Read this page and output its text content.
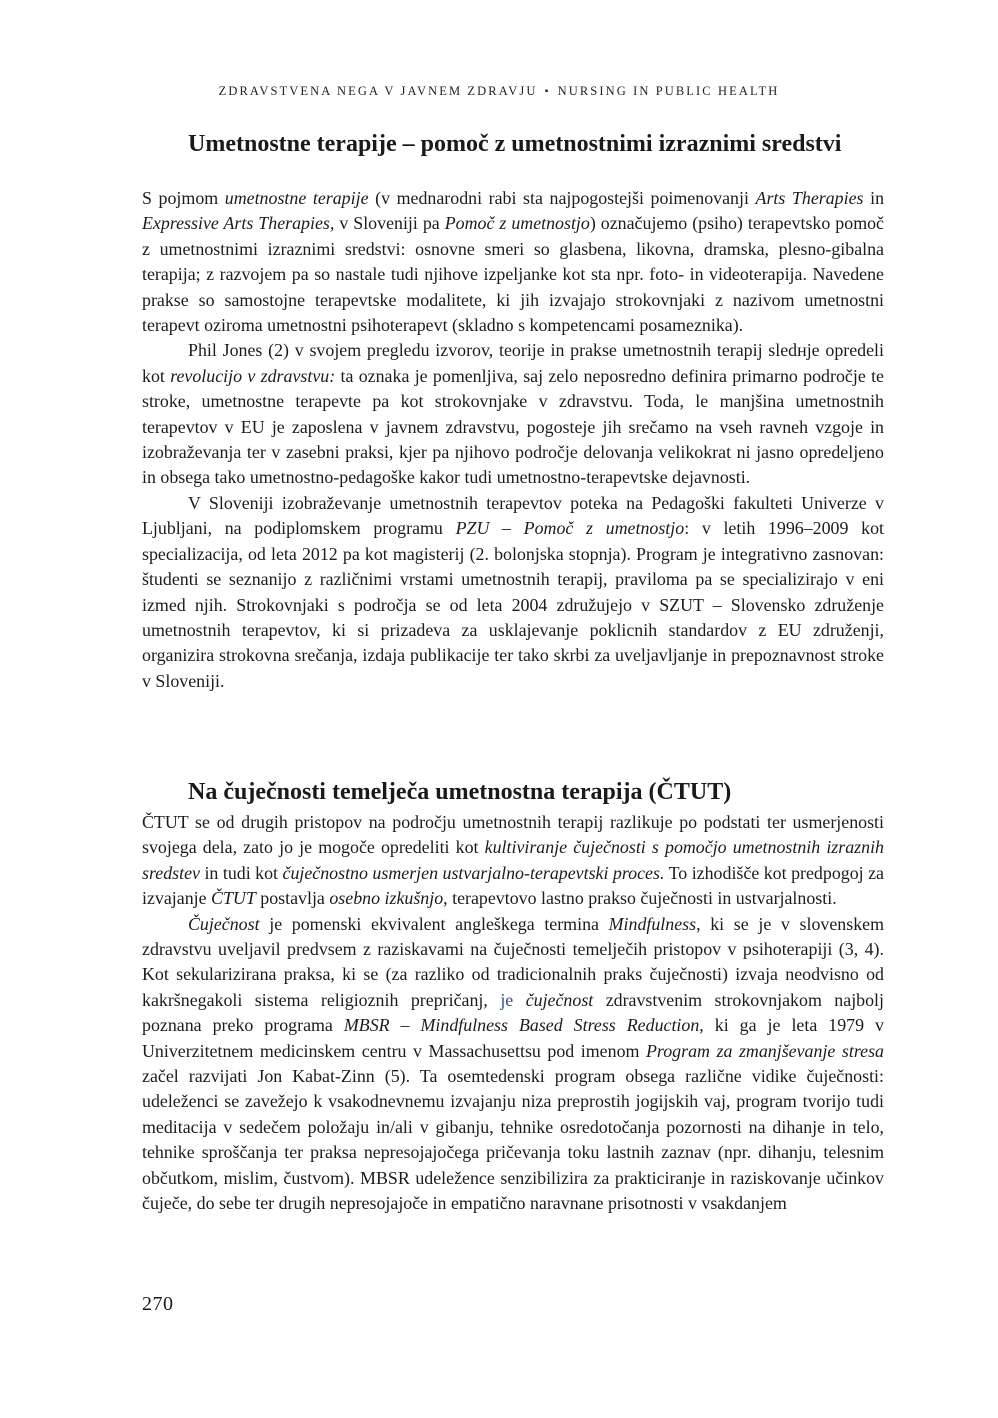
ZDRAVSTVENA NEGA V JAVNEM ZDRAVJU ▪ NURSING IN PUBLIC HEALTH
Umetnostne terapije – pomoč z umetnostnimi izraznimi sredstvi

S pojmom umetnostne terapije (v mednarodni rabi sta najpogostejši poimenovanji Arts Therapies in Expressive Arts Therapies, v Sloveniji pa Pomoč z umetnostjo) označujemo (psiho) terapevtsko pomoč z umetnostnimi izraznimi sredstvi: osnovne smeri so glasbena, likovna, dramska, plesno-gibalna terapija; z razvojem pa so nastale tudi njihove izpeljanke kot sta npr. foto- in videoterapija. Navedene prakse so samostojne terapevtske modalitete, ki jih izvajajo strokovnjaki z nazivom umetnostni terapevt oziroma umetnostni psihoterapevt (skladno s kompetencami posameznika).

Phil Jones (2) v svojem pregledu izvorov, teorije in prakse umetnostnih terapij sledнje opredeli kot revolucijo v zdravstvu: ta oznaka je pomenljiva, saj zelo neposredno definira primarno področje te stroke, umetnostne terapevte pa kot strokovnjake v zdravstvu. Toda, le manjšina umetnostnih terapevtov v EU je zaposlena v javnem zdravstvu, pogosteje jih srečamo na vseh ravneh vzgoje in izobraževanja ter v zasebni praksi, kjer pa njihovo področje delovanja velikokrat ni jasno opredeljeno in obsega tako umetnostno-pedagoške kakor tudi umetnostno-terapevtske dejavnosti.

V Sloveniji izobraževanje umetnostnih terapevtov poteka na Pedagoški fakulteti Univerze v Ljubljani, na podiplomskem programu PZU – Pomoč z umetnostjo: v letih 1996–2009 kot specializacija, od leta 2012 pa kot magisterij (2. bolonjska stopnja). Program je integrativno zasnovan: študenti se seznanijo z različnimi vrstami umetnostnih terapij, praviloma pa se specializirajo v eni izmed njih. Strokovnjaki s področja se od leta 2004 združujejo v SZUT – Slovensko združenje umetnostnih terapevtov, ki si prizadeva za usklajevanje poklicnih standardov z EU združenji, organizira strokovna srečanja, izdaja publikacije ter tako skrbi za uveljavljanje in prepoznavnost stroke v Sloveniji.

Na čuječnosti temelječa umetnostna terapija (ČTUT)

ČTUT se od drugih pristopov na področju umetnostnih terapij razlikuje po podstati ter usmerjenosti svojega dela, zato jo je mogoče opredeliti kot kultiviranje čuječnosti s pomočjo umetnostnih izraznih sredstev in tudi kot čuječnostno usmerjen ustvarjalno-terapevtski proces. To izhodišče kot predpogoj za izvajanje ČTUT postavlja osebno izkušnjo, terapevtovo lastno prakso čuječnosti in ustvarjalnosti.

Čuječnost je pomenski ekvivalent angleškega termina Mindfulness, ki se je v slovenskem zdravstvu uveljavil predvsem z raziskavami na čuječnosti temelječih pristopov v psihoterapiji (3, 4). Kot sekularizirana praksa, ki se (za razliko od tradicionalnih praks čuječnosti) izvaja neodvisno od kakršnegakoli sistema religioznih prepričanj, je čuječnost zdravstvenim strokovnjakom najbolj poznana preko programa MBSR – Mindfulness Based Stress Reduction, ki ga je leta 1979 v Univerzitetnem medicinskem centru v Massachusettsu pod imenom Program za zmanjševanje stresa začel razvijati Jon Kabat-Zinn (5). Ta osemtedenski program obsega različne vidike čuječnosti: udeleženci se zavežejo k vsakodnevnemu izvajanju niza preprostih jogijskih vaj, program tvorijo tudi meditacija v sedečem položaju in/ali v gibanju, tehnike osredotočanja pozornosti na dihanje in telo, tehnike sproščanja ter praksa nepresojajočega pričevanja toku lastnih zaznav (npr. dihanju, telesnim občutkom, mislim, čustvom). MBSR udeležence senzibilizira za prakticiranje in raziskovanje učinkov čuječe, do sebe ter drugih nepresojajoče in empatično naravnane prisotnosti v vsakdanjem

270
